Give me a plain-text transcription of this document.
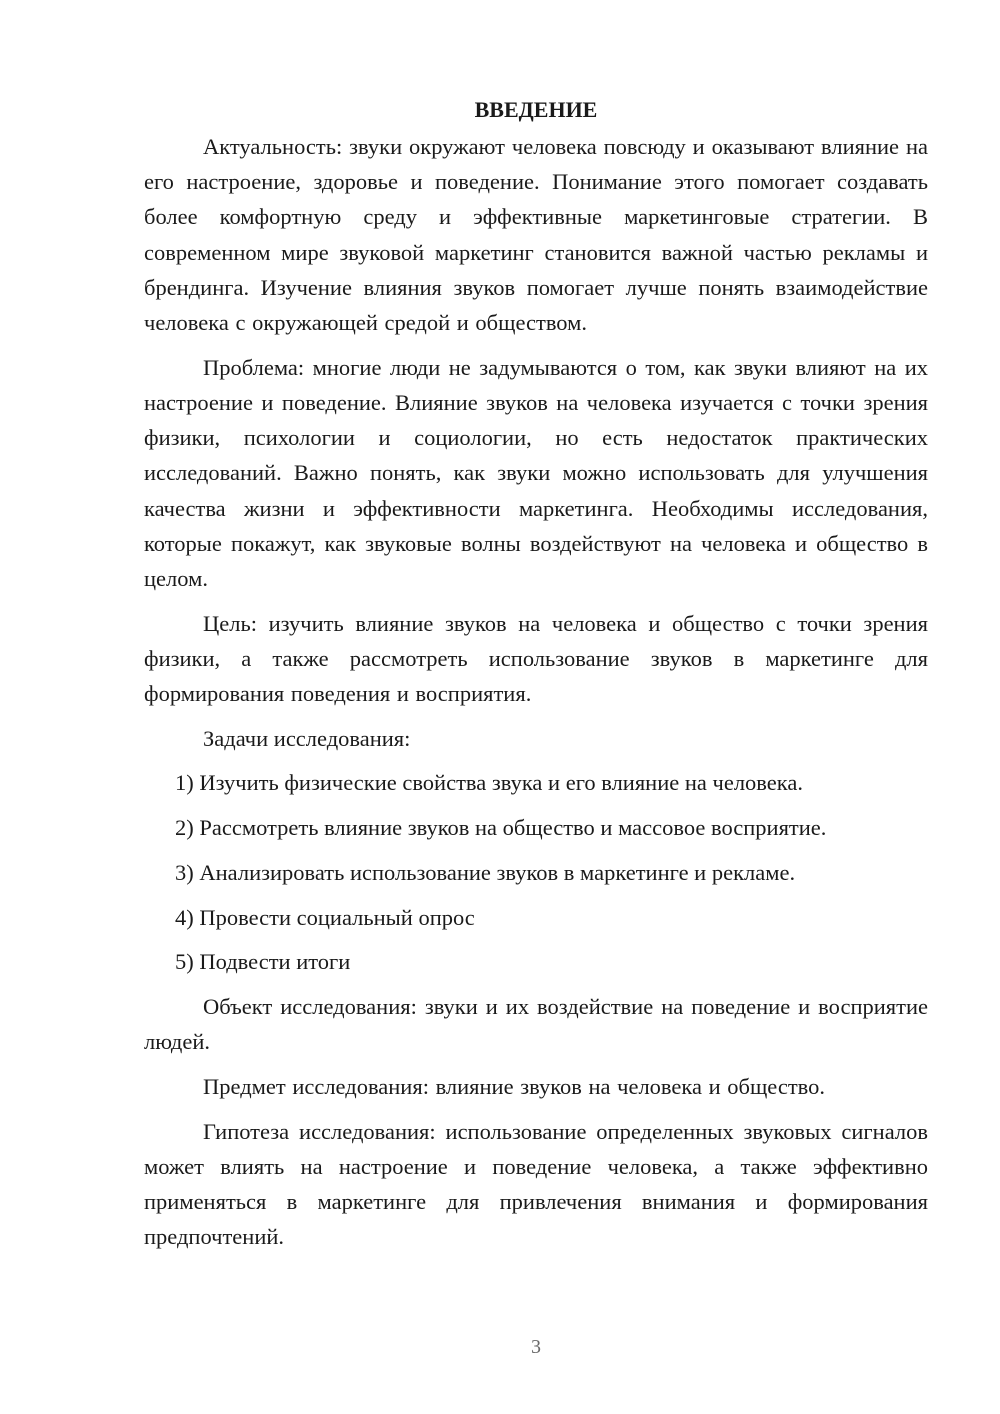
ВВЕДЕНИЕ

Актуальность: звуки окружают человека повсюду и оказывают влияние на его настроение, здоровье и поведение. Понимание этого помогает создавать более комфортную среду и эффективные маркетинговые стратегии. В современном мире звуковой маркетинг становится важной частью рекламы и брендинга. Изучение влияния звуков помогает лучше понять взаимодействие человека с окружающей средой и обществом.

Проблема: многие люди не задумываются о том, как звуки влияют на их настроение и поведение. Влияние звуков на человека изучается с точки зрения физики, психологии и социологии, но есть недостаток практических исследований. Важно понять, как звуки можно использовать для улучшения качества жизни и эффективности маркетинга. Необходимы исследования, которые покажут, как звуковые волны воздействуют на человека и общество в целом.

Цель: изучить влияние звуков на человека и общество с точки зрения физики, а также рассмотреть использование звуков в маркетинге для формирования поведения и восприятия.

Задачи исследования:

1) Изучить физические свойства звука и его влияние на человека.

2) Рассмотреть влияние звуков на общество и массовое восприятие.

3) Анализировать использование звуков в маркетинге и рекламе.

4) Провести социальный опрос

5) Подвести итоги

Объект исследования: звуки и их воздействие на поведение и восприятие людей.

Предмет исследования: влияние звуков на человека и общество.

Гипотеза исследования: использование определенных звуковых сигналов может влиять на настроение и поведение человека, а также эффективно применяться в маркетинге для привлечения внимания и формирования предпочтений.

3
